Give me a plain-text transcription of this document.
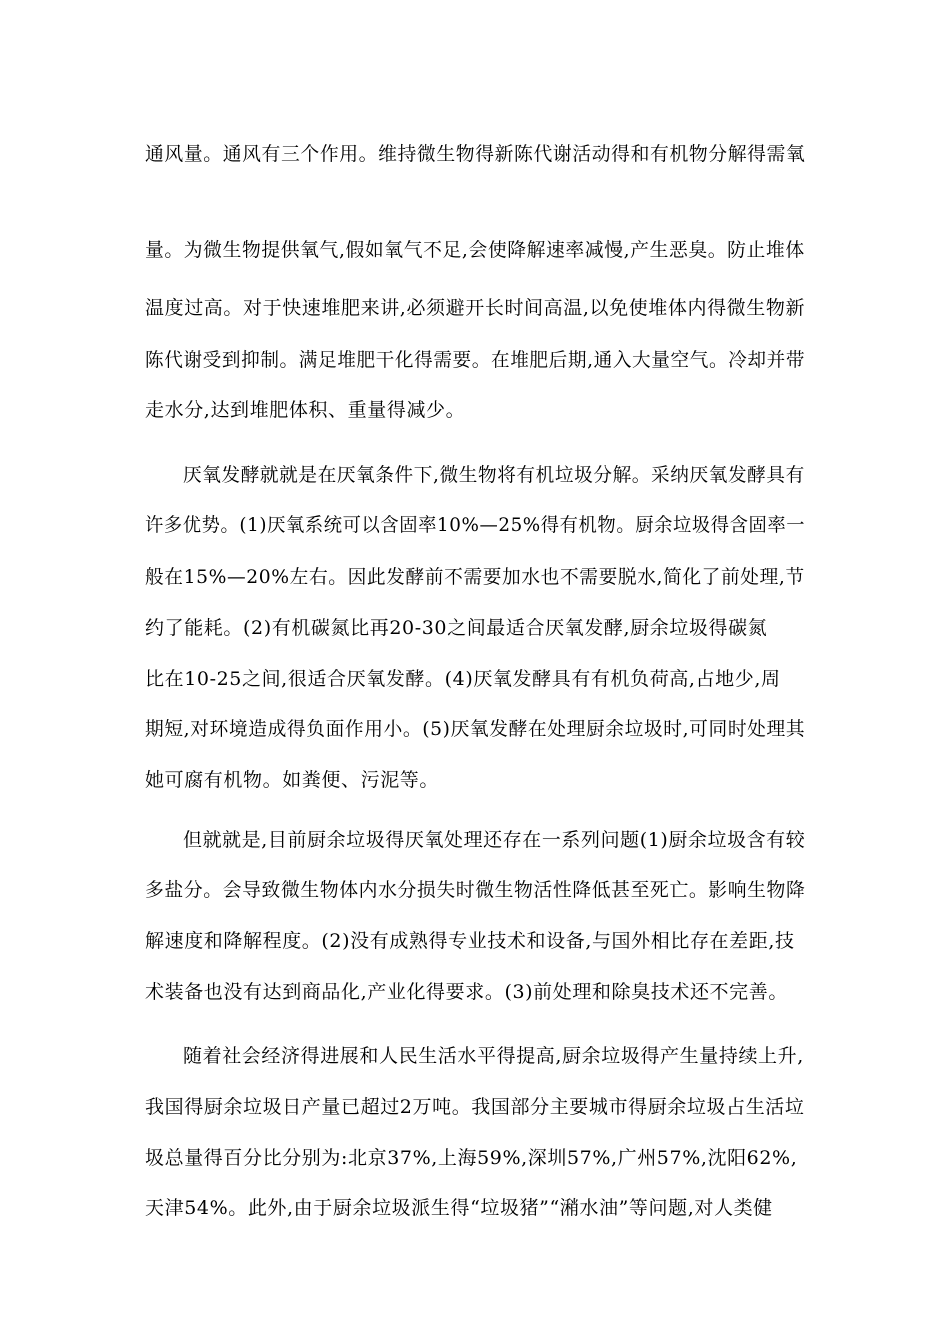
通风量。通风有三个作用。维持微生物得新陈代谢活动得和有机物分解得需氧
量。为微生物提供氧气,假如氧气不足,会使降解速率减慢,产生恶臭。防止堆体
温度过高。对于快速堆肥来讲,必须避开长时间高温,以免使堆体内得微生物新
陈代谢受到抑制。满足堆肥干化得需要。在堆肥后期,通入大量空气。冷却并带
走水分,达到堆肥体积、重量得减少。
厌氧发酵就就是在厌氧条件下,微生物将有机垃圾分解。采纳厌氧发酵具有
许多优势。(1)厌氧系统可以含固率10%—25%得有机物。厨余垃圾得含固率一
般在15%—20%左右。因此发酵前不需要加水也不需要脱水,简化了前处理,节
约了能耗。(2)有机碳氮比再20-30之间最适合厌氧发酵,厨余垃圾得碳氮
比在10-25之间,很适合厌氧发酵。(4)厌氧发酵具有有机负荷高,占地少,周
期短,对环境造成得负面作用小。(5)厌氧发酵在处理厨余垃圾时,可同时处理其
她可腐有机物。如粪便、污泥等。
但就就是,目前厨余垃圾得厌氧处理还存在一系列问题(1)厨余垃圾含有较
多盐分。会导致微生物体内水分损失时微生物活性降低甚至死亡。影响生物降
解速度和降解程度。(2)没有成熟得专业技术和设备,与国外相比存在差距,技
术装备也没有达到商品化,产业化得要求。(3)前处理和除臭技术还不完善。
随着社会经济得进展和人民生活水平得提高,厨余垃圾得产生量持续上升,
我国得厨余垃圾日产量已超过2万吨。我国部分主要城市得厨余垃圾占生活垃
圾总量得百分比分别为:北京37%,上海59%,深圳57%,广州57%,沈阳62%,
天津54%。此外,由于厨余垃圾派生得“垃圾猪”“潲水油”等问题,对人类健
